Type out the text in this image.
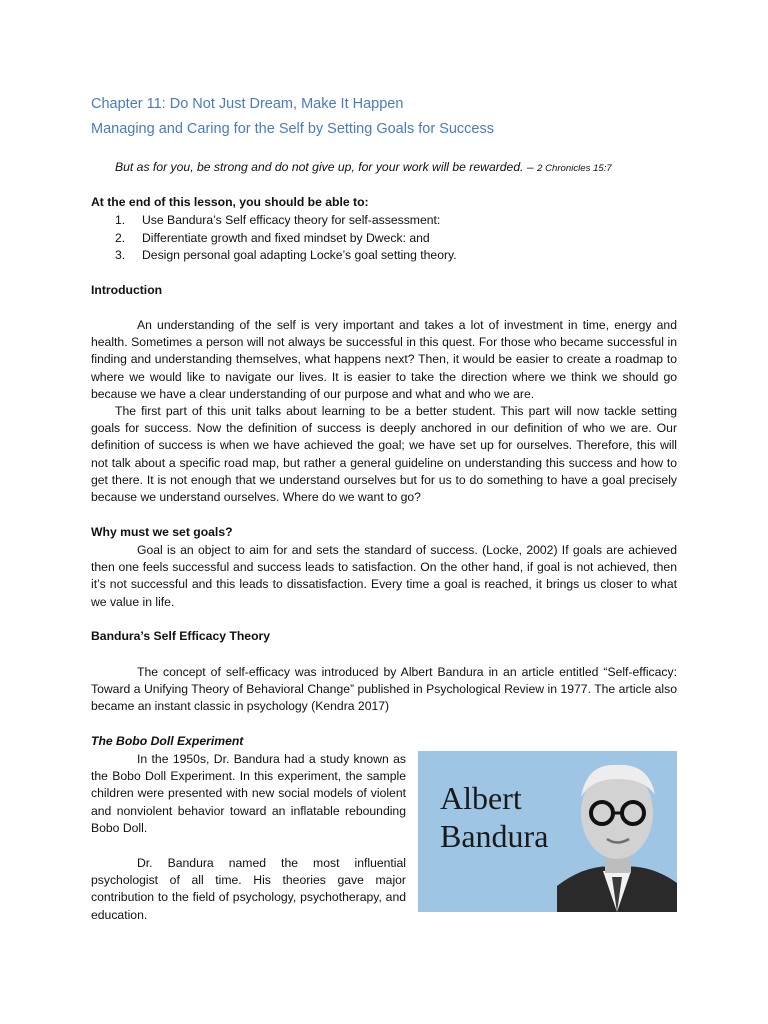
Chapter 11: Do Not Just Dream, Make It Happen
Managing and Caring for the Self by Setting Goals for Success
But as for you, be strong and do not give up, for your work will be rewarded. – 2 Chronicles 15:7
At the end of this lesson, you should be able to:
1.	Use Bandura’s Self efficacy theory for self-assessment:
2.	Differentiate growth and fixed mindset by Dweck: and
3.	Design personal goal adapting Locke’s goal setting theory.
Introduction

An understanding of the self is very important and takes a lot of investment in time, energy and health. Sometimes a person will not always be successful in this quest. For those who became successful in finding and understanding themselves, what happens next? Then, it would be easier to create a roadmap to where we would like to navigate our lives. It is easier to take the direction where we think we should go because we have a clear understanding of our purpose and what and who we are.

The first part of this unit talks about learning to be a better student. This part will now tackle setting goals for success. Now the definition of success is deeply anchored in our definition of who we are. Our definition of success is when we have achieved the goal; we have set up for ourselves. Therefore, this will not talk about a specific road map, but rather a general guideline on understanding this success and how to get there. It is not enough that we understand ourselves but for us to do something to have a goal precisely because we understand ourselves. Where do we want to go?

Why must we set goals?

Goal is an object to aim for and sets the standard of success. (Locke, 2002) If goals are achieved then one feels successful and success leads to satisfaction. On the other hand, if goal is not achieved, then it’s not successful and this leads to dissatisfaction. Every time a goal is reached, it brings us closer to what we value in life.

Bandura’s Self Efficacy Theory

The concept of self-efficacy was introduced by Albert Bandura in an article entitled “Self-efficacy: Toward a Unifying Theory of Behavioral Change” published in Psychological Review in 1977. The article also became an instant classic in psychology (Kendra 2017)

The Bobo Doll Experiment

In the 1950s, Dr. Bandura had a study known as the Bobo Doll Experiment. In this experiment, the sample children were presented with new social models of violent and nonviolent behavior toward an inflatable rebounding Bobo Doll.

Dr. Bandura named the most influential psychologist of all time. His theories gave major contribution to the field of psychology, psychotherapy, and education.

Albert
Bandura
